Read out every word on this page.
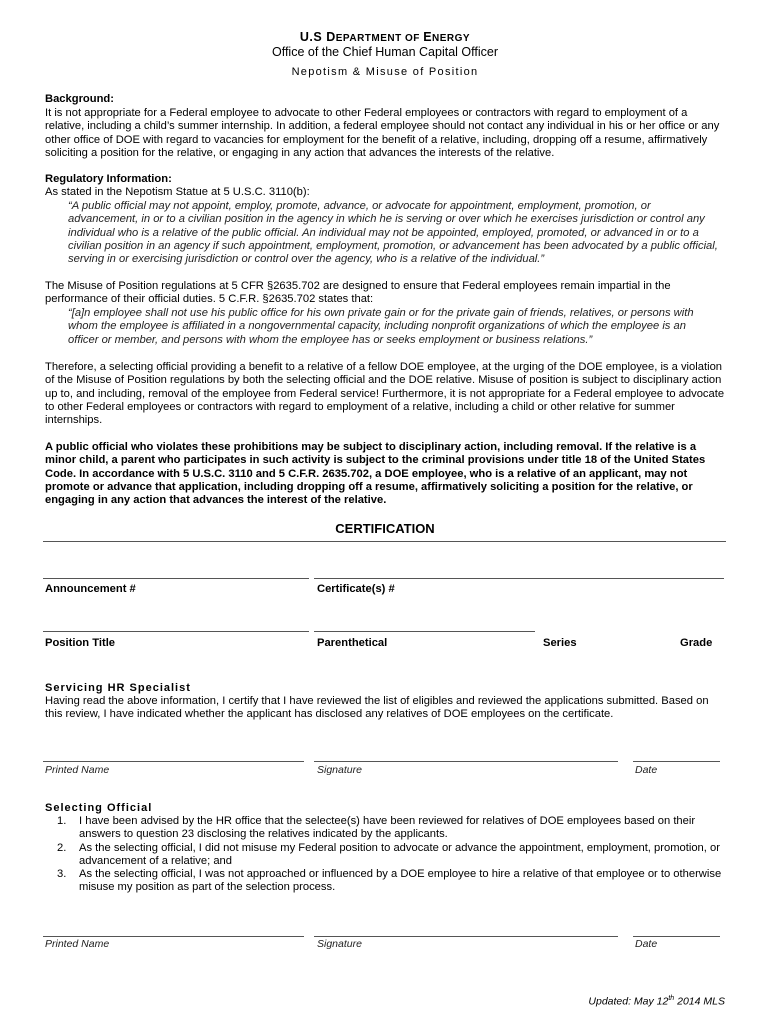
U.S DEPARTMENT OF ENERGY
Office of the Chief Human Capital Officer
Nepotism & Misuse of Position
Background:
It is not appropriate for a Federal employee to advocate to other Federal employees or contractors with regard to employment of a relative, including a child’s summer internship. In addition, a federal employee should not contact any individual in his or her office or any other office of DOE with regard to vacancies for employment for the benefit of a relative, including, dropping off a resume, affirmatively soliciting a position for the relative, or engaging in any action that advances the interests of the relative.
Regulatory Information:
As stated in the Nepotism Statue at 5 U.S.C. 3110(b):
“A public official may not appoint, employ, promote, advance, or advocate for appointment, employment, promotion, or advancement, in or to a civilian position in the agency in which he is serving or over which he exercises jurisdiction or control any individual who is a relative of the public official. An individual may not be appointed, employed, promoted, or advanced in or to a civilian position in an agency if such appointment, employment, promotion, or advancement has been advocated by a public official, serving in or exercising jurisdiction or control over the agency, who is a relative of the individual.”
The Misuse of Position regulations at 5 CFR §2635.702 are designed to ensure that Federal employees remain impartial in the performance of their official duties. 5 C.F.R. §2635.702 states that:
“[a]n employee shall not use his public office for his own private gain or for the private gain of friends, relatives, or persons with whom the employee is affiliated in a nongovernmental capacity, including nonprofit organizations of which the employee is an officer or member, and persons with whom the employee has or seeks employment or business relations.”
Therefore, a selecting official providing a benefit to a relative of a fellow DOE employee, at the urging of the DOE employee, is a violation of the Misuse of Position regulations by both the selecting official and the DOE relative. Misuse of position is subject to disciplinary action up to, and including, removal of the employee from Federal service! Furthermore, it is not appropriate for a Federal employee to advocate to other Federal employees or contractors with regard to employment of a relative, including a child or other relative for summer internships.
A public official who violates these prohibitions may be subject to disciplinary action, including removal. If the relative is a minor child, a parent who participates in such activity is subject to the criminal provisions under title 18 of the United States Code. In accordance with 5 U.S.C. 3110 and 5 C.F.R. 2635.702, a DOE employee, who is a relative of an applicant, may not promote or advance that application, including dropping off a resume, affirmatively soliciting a position for the relative, or engaging in any action that advances the interest of the relative.
CERTIFICATION
Announcement #	Certificate(s) #
Position Title	Parenthetical	Series	Grade
Servicing HR Specialist
Having read the above information, I certify that I have reviewed the list of eligibles and reviewed the applications submitted. Based on this review, I have indicated whether the applicant has disclosed any relatives of DOE employees on the certificate.
Printed Name	Signature	Date
Selecting Official
1. I have been advised by the HR office that the selectee(s) have been reviewed for relatives of DOE employees based on their answers to question 23 disclosing the relatives indicated by the applicants.
2. As the selecting official, I did not misuse my Federal position to advocate or advance the appointment, employment, promotion, or advancement of a relative; and
3. As the selecting official, I was not approached or influenced by a DOE employee to hire a relative of that employee or to otherwise misuse my position as part of the selection process.
Printed Name	Signature	Date
Updated: May 12th 2014 MLS
